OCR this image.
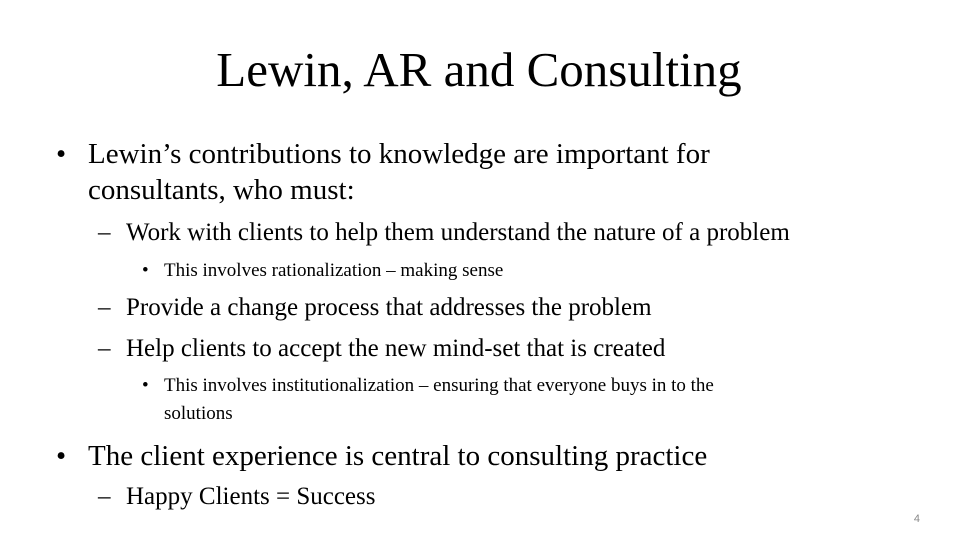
Lewin, AR and Consulting
• Lewin’s contributions to knowledge are important for
consultants, who must:
– Work with clients to help them understand the nature of a problem
• This involves rationalization – making sense
– Provide a change process that addresses the problem
– Help clients to accept the new mind-set that is created
• This involves institutionalization – ensuring that everyone buys in to the
solutions
• The client experience is central to consulting practice
– Happy Clients = Success
4
